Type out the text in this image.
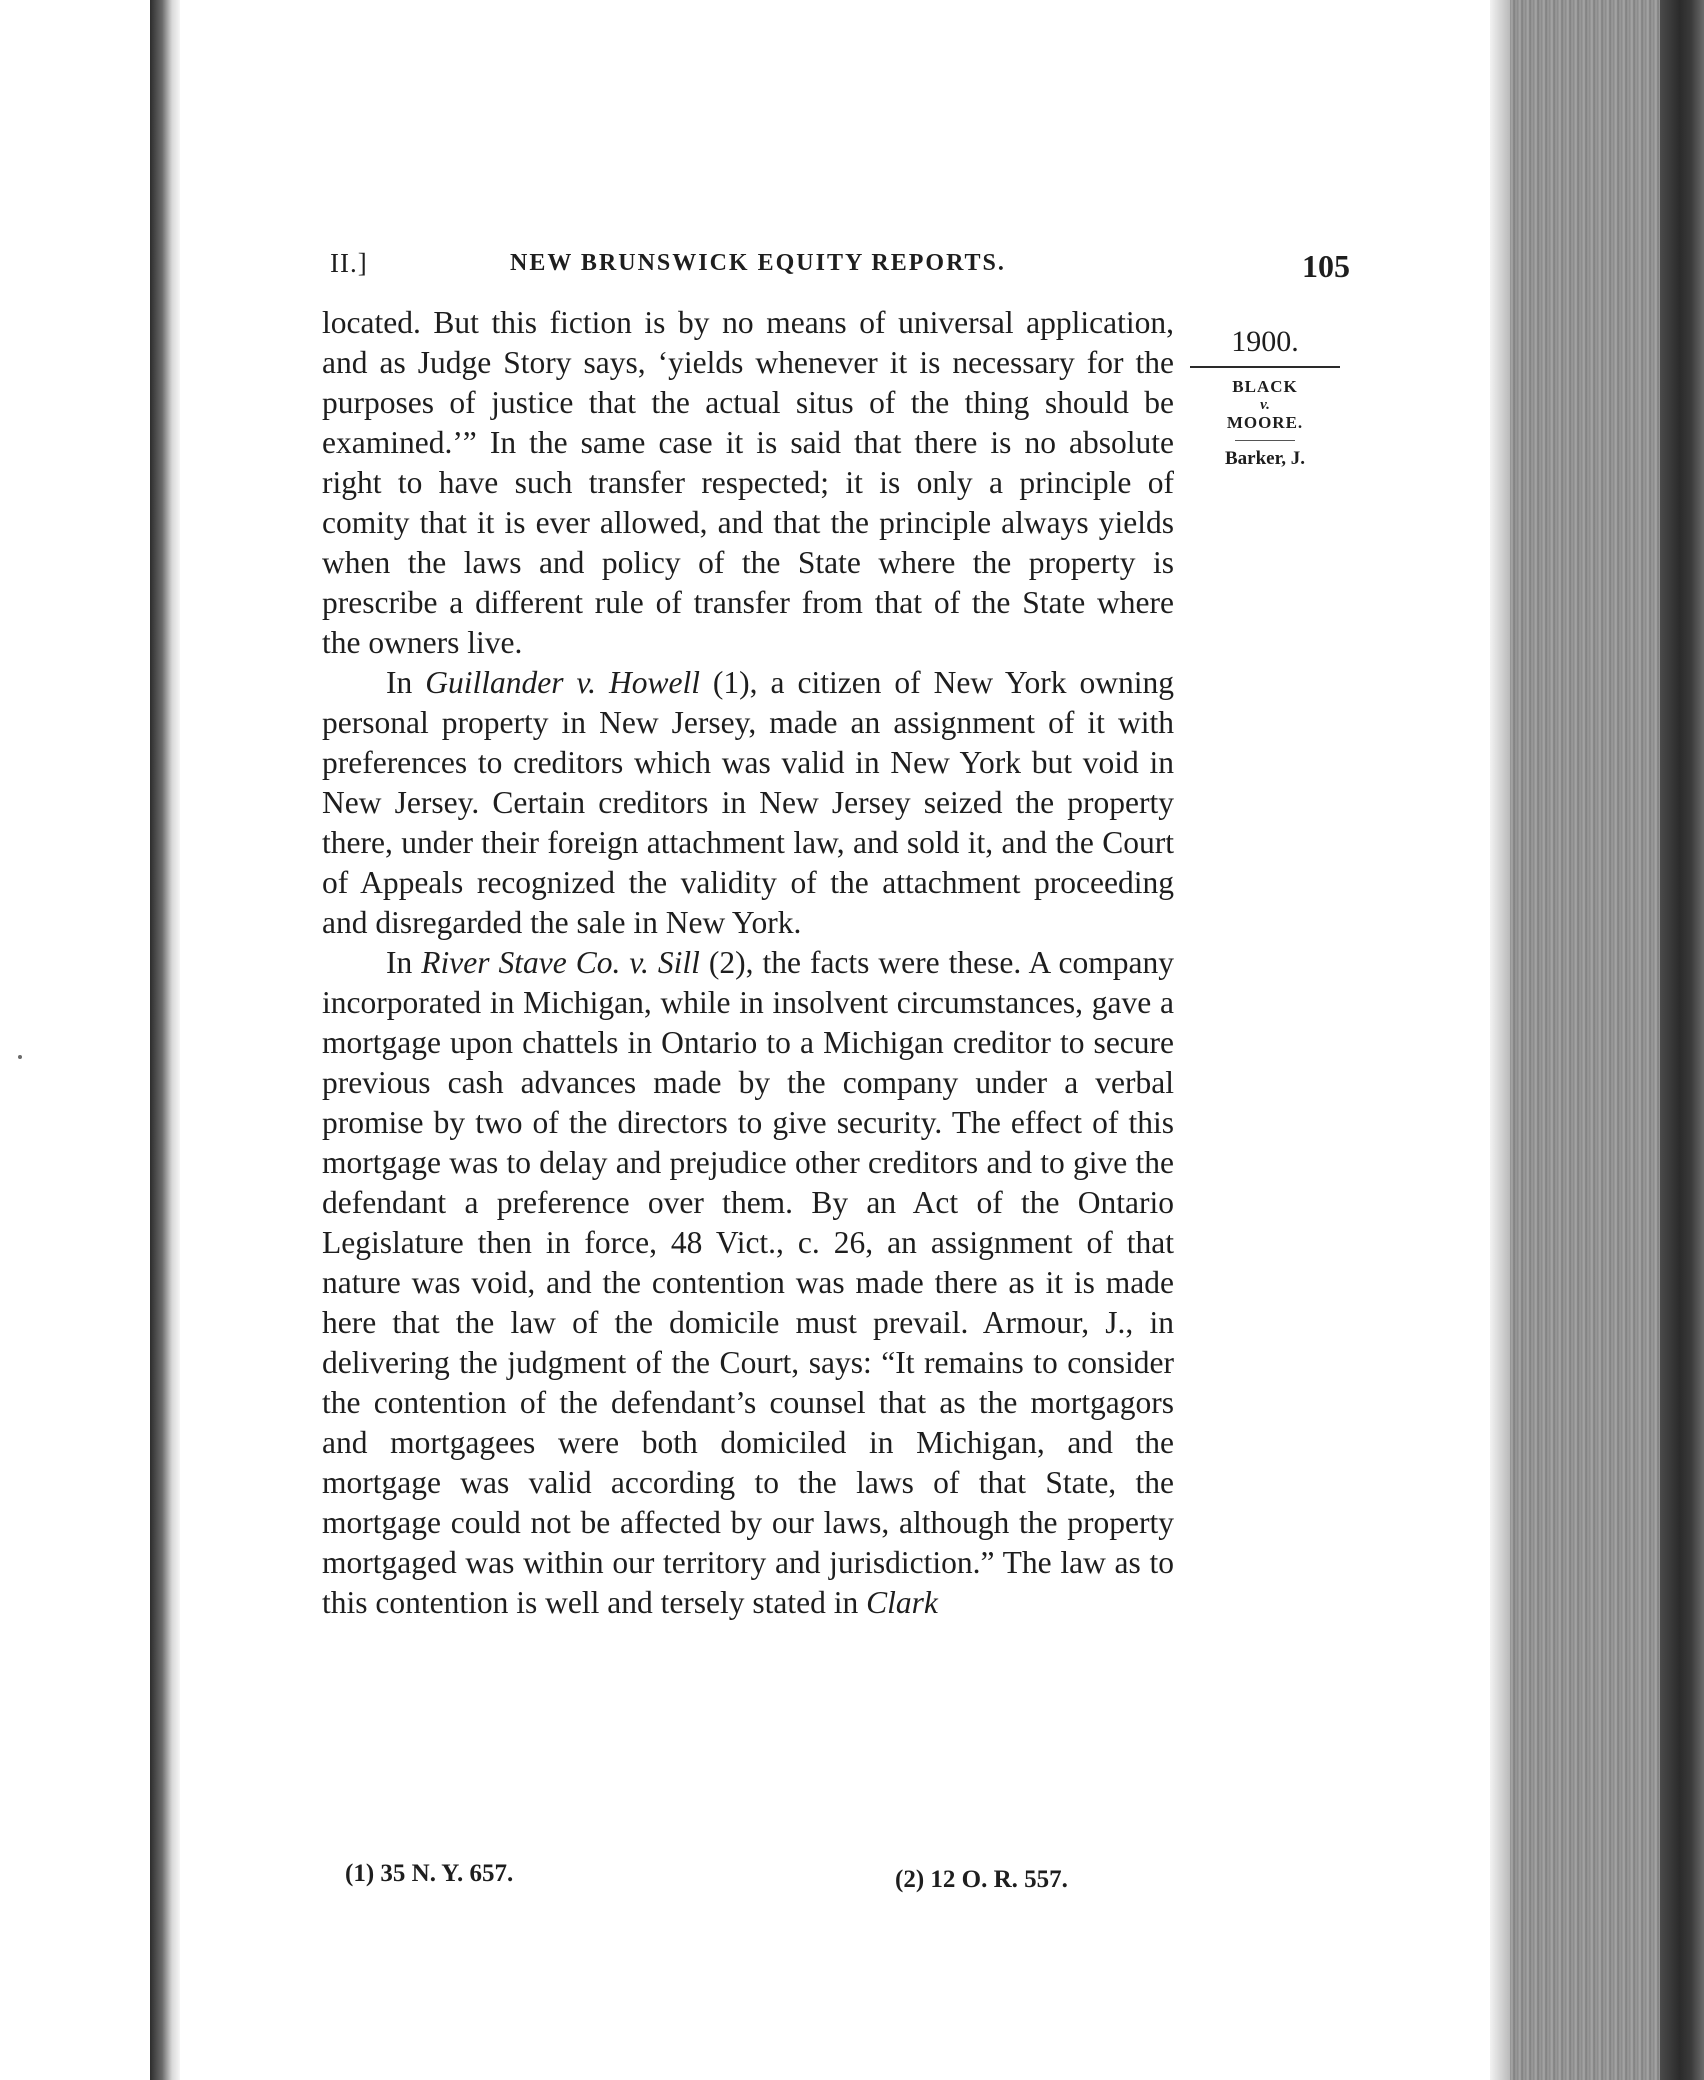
II.]	NEW BRUNSWICK EQUITY REPORTS.	105
1900.
BLACK
v.
MOORE.
Barker, J.

located. But this fiction is by no means of universal application, and as Judge Story says, ‘yields whenever it is necessary for the purposes of justice that the actual situs of the thing should be examined.’” In the same case it is said that there is no absolute right to have such transfer respected; it is only a principle of comity that it is ever allowed, and that the principle always yields when the laws and policy of the State where the property is prescribe a different rule of transfer from that of the State where the owners live.

In Guillander v. Howell (1), a citizen of New York owning personal property in New Jersey, made an assignment of it with preferences to creditors which was valid in New York but void in New Jersey. Certain creditors in New Jersey seized the property there, under their foreign attachment law, and sold it, and the Court of Appeals recognized the validity of the attachment proceeding and disregarded the sale in New York.

In River Stave Co. v. Sill (2), the facts were these. A company incorporated in Michigan, while in insolvent circumstances, gave a mortgage upon chattels in Ontario to a Michigan creditor to secure previous cash advances made by the company under a verbal promise by two of the directors to give security. The effect of this mortgage was to delay and prejudice other creditors and to give the defendant a preference over them. By an Act of the Ontario Legislature then in force, 48 Vict., c. 26, an assignment of that nature was void, and the contention was made there as it is made here that the law of the domicile must prevail. Armour, J., in delivering the judgment of the Court, says: “It remains to consider the contention of the defendant’s counsel that as the mortgagors and mortgagees were both domiciled in Michigan, and the mortgage was valid according to the laws of that State, the mortgage could not be affected by our laws, although the property mortgaged was within our territory and jurisdiction.” The law as to this contention is well and tersely stated in Clark

(1) 35 N. Y. 657.	(2) 12 O. R. 557.
